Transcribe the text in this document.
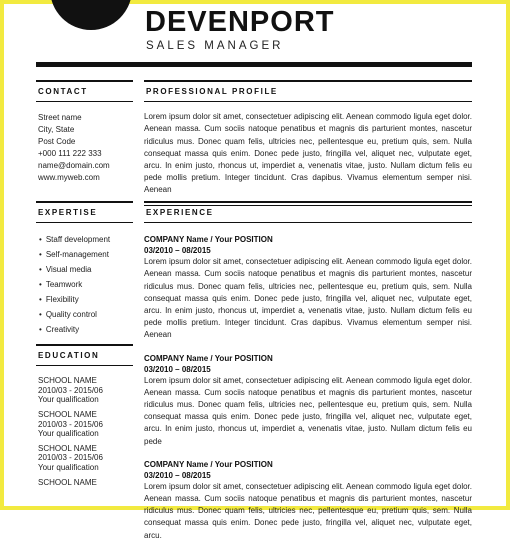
DEVENPORT
SALES MANAGER
CONTACT
Street name
City, State
Post Code
+000 111 222 333
name@domain.com
www.myweb.com
EXPERTISE
• Staff development
• Self-management
• Visual media
• Teamwork
• Flexibility
• Quality control
• Creativity
EDUCATION
SCHOOL NAME
2010/03 - 2015/06
Your qualification
SCHOOL NAME
2010/03 - 2015/06
Your qualification
SCHOOL NAME
2010/03 - 2015/06
Your qualification
SCHOOL NAME
PROFESSIONAL PROFILE

Lorem ipsum dolor sit amet, consectetuer adipiscing elit. Aenean commodo ligula eget dolor. Aenean massa. Cum sociis natoque penatibus et magnis dis parturient montes, nascetur ridiculus mus. Donec quam felis, ultricies nec, pellentesque eu, pretium quis, sem. Nulla consequat massa quis enim. Donec pede justo, fringilla vel, aliquet nec, vulputate eget, arcu. In enim justo, rhoncus ut, imperdiet a, venenatis vitae, justo. Nullam dictum felis eu pede mollis pretium. Integer tincidunt. Cras dapibus. Vivamus elementum semper nisi. Aenean

EXPERIENCE
COMPANY Name / Your POSITION
03/2010 – 08/2015

Lorem ipsum dolor sit amet, consectetuer adipiscing elit. Aenean commodo ligula eget dolor. Aenean massa. Cum sociis natoque penatibus et magnis dis parturient montes, nascetur ridiculus mus. Donec quam felis, ultricies nec, pellentesque eu, pretium quis, sem. Nulla consequat massa quis enim. Donec pede justo, fringilla vel, aliquet nec, vulputate eget, arcu. In enim justo, rhoncus ut, imperdiet a, venenatis vitae, justo. Nullam dictum felis eu pede mollis pretium. Integer tincidunt. Cras dapibus. Vivamus elementum semper nisi. Aenean

COMPANY Name / Your POSITION
03/2010 – 08/2015

Lorem ipsum dolor sit amet, consectetuer adipiscing elit. Aenean commodo ligula eget dolor. Aenean massa. Cum sociis natoque penatibus et magnis dis parturient montes, nascetur ridiculus mus. Donec quam felis, ultricies nec, pellentesque eu, pretium quis, sem. Nulla consequat massa quis enim. Donec pede justo, fringilla vel, aliquet nec, vulputate eget, arcu. In enim justo, rhoncus ut, imperdiet a, venenatis vitae, justo. Nullam dictum felis eu pede

COMPANY Name / Your POSITION
03/2010 – 08/2015

Lorem ipsum dolor sit amet, consectetuer adipiscing elit. Aenean commodo ligula eget dolor. Aenean massa. Cum sociis natoque penatibus et magnis dis parturient montes, nascetur ridiculus mus. Donec quam felis, ultricies nec, pellentesque eu, pretium quis, sem. Nulla consequat massa quis enim. Donec pede justo, fringilla vel, aliquet nec, vulputate eget, arcu.
